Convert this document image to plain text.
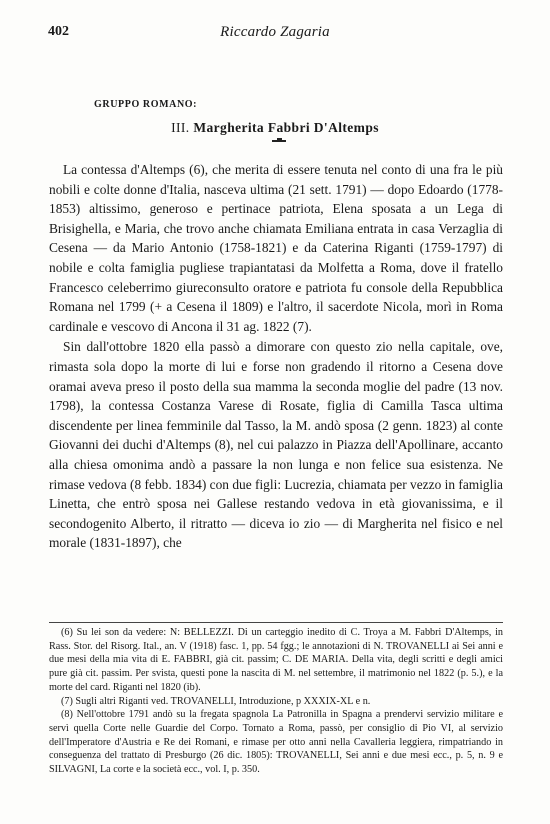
402	Riccardo Zagaria
GRUPPO ROMANO:
III. Margherita Fabbri D'Altemps

La contessa d'Altemps (6), che merita di essere tenuta nel conto di una fra le più nobili e colte donne d'Italia, nasceva ultima (21 sett. 1791) — dopo Edoardo (1778-1853) altissimo, generoso e pertinace patriota, Elena sposata a un Lega di Brisighella, e Maria, che trovo anche chiamata Emiliana entrata in casa Verzaglia di Cesena — da Mario Antonio (1758-1821) e da Caterina Riganti (1759-1797) di nobile e colta famiglia pugliese trapiantatasi da Molfetta a Roma, dove il fratello Francesco celeberrimo giureconsulto oratore e patriota fu console della Repubblica Romana nel 1799 (+ a Cesena il 1809) e l'altro, il sacerdote Nicola, morì in Roma cardinale e vescovo di Ancona il 31 ag. 1822 (7).

Sin dall'ottobre 1820 ella passò a dimorare con questo zio nella capitale, ove, rimasta sola dopo la morte di lui e forse non gradendo il ritorno a Cesena dove oramai aveva preso il posto della sua mamma la seconda moglie del padre (13 nov. 1798), la contessa Costanza Varese di Rosate, figlia di Camilla Tasca ultima discendente per linea femminile dal Tasso, la M. andò sposa (2 genn. 1823) al conte Giovanni dei duchi d'Altemps (8), nel cui palazzo in Piazza dell'Apollinare, accanto alla chiesa omonima andò a passare la non lunga e non felice sua esistenza. Ne rimase vedova (8 febb. 1834) con due figli: Lucrezia, chiamata per vezzo in famiglia Linetta, che entrò sposa nei Gallese restando vedova in età giovanissima, e il secondogenito Alberto, il ritratto — diceva io zio — di Margherita nel fisico e nel morale (1831-1897), che

(6) Su lei son da vedere: N: BELLEZZI. Di un carteggio inedito di C. Troya a M. Fabbri D'Altemps, in Rass. Stor. del Risorg. Ital., an. V (1918) fasc. 1, pp. 54 fgg.; le annotazioni di N. TROVANELLI ai Sei anni e due mesi della mia vita di E. FABBRI, già cit. passim; C. DE MARIA. Della vita, degli scritti e degli amici pure già cit. passim. Per svista, questi pone la nascita di M. nel settembre, il matrimonio nel 1822 (p. 5.), e la morte del card. Riganti nel 1820 (ib).

(7) Sugli altri Riganti ved. TROVANELLI, Introduzione, p XXXIX-XL e n.

(8) Nell'ottobre 1791 andò su la fregata spagnola La Patronilla in Spagna a prendervi servizio militare e servì quella Corte nelle Guardie del Corpo. Tornato a Roma, passò, per consiglio di Pio VI, al servizio dell'Imperatore d'Austria e Re dei Romani, e rimase per otto anni nella Cavalleria leggiera, rimpatriando in conseguenza del trattato di Presburgo (26 dic. 1805): TROVANELLI, Sei anni e due mesi ecc., p. 5, n. 9 e SILVAGNI, La corte e la società ecc., vol. I, p. 350.
